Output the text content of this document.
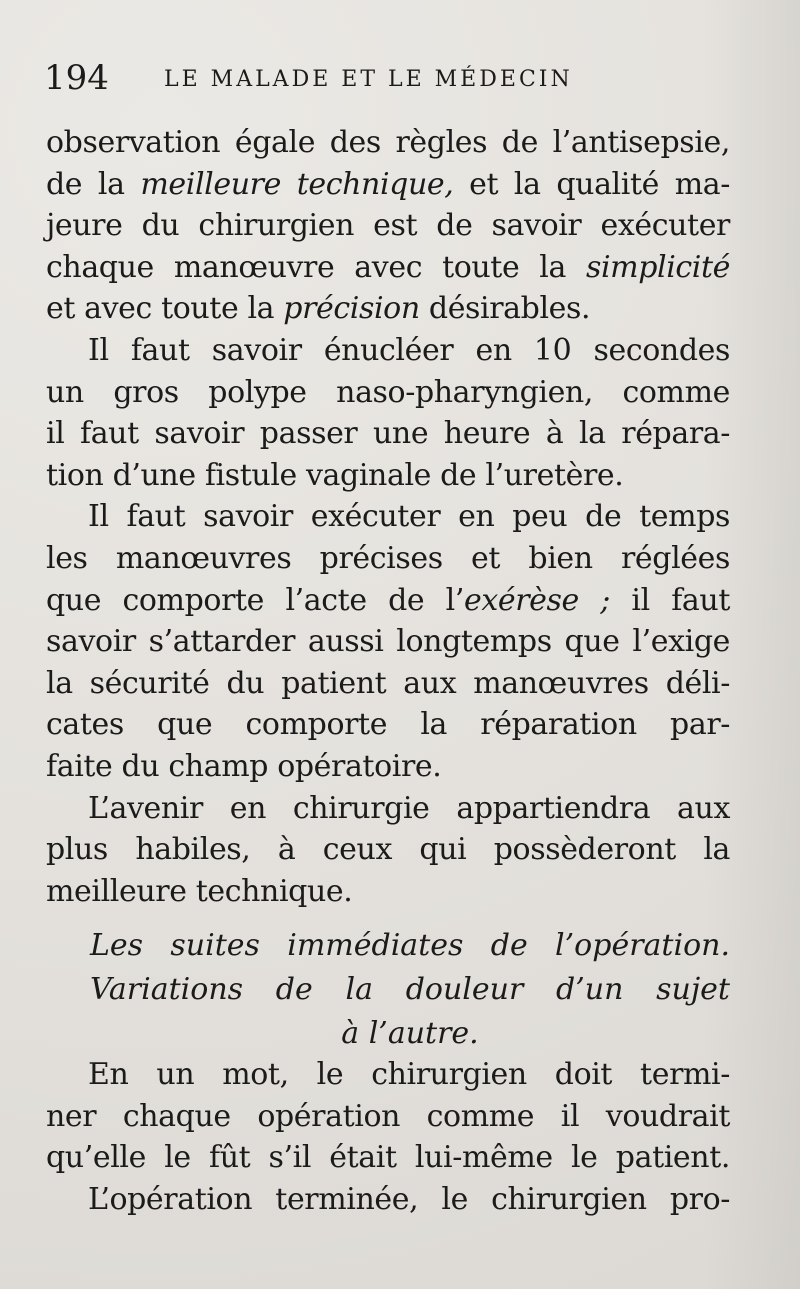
194	LE MALADE ET LE MÉDECIN
observation égale des règles de l’antisepsie,
de la meilleure technique, et la qualité ma-
jeure du chirurgien est de savoir exécuter
chaque manœuvre avec toute la simplicité
et avec toute la précision désirables.
Il faut savoir énucléer en 10 secondes
un gros polype naso-pharyngien, comme
il faut savoir passer une heure à la répara-
tion d’une fistule vaginale de l’uretère.
Il faut savoir exécuter en peu de temps
les manœuvres précises et bien réglées
que comporte l’acte de l’exérèse ; il faut
savoir s’attarder aussi longtemps que l’exige
la sécurité du patient aux manœuvres déli-
cates que comporte la réparation par-
faite du champ opératoire.
L’avenir en chirurgie appartiendra aux
plus habiles, à ceux qui possèderont la
meilleure technique.
Les suites immédiates de l’opération.
Variations de la douleur d’un sujet
à l’autre.
En un mot, le chirurgien doit termi-
ner chaque opération comme il voudrait
qu’elle le fût s’il était lui-même le patient.
L’opération terminée, le chirurgien pro-
